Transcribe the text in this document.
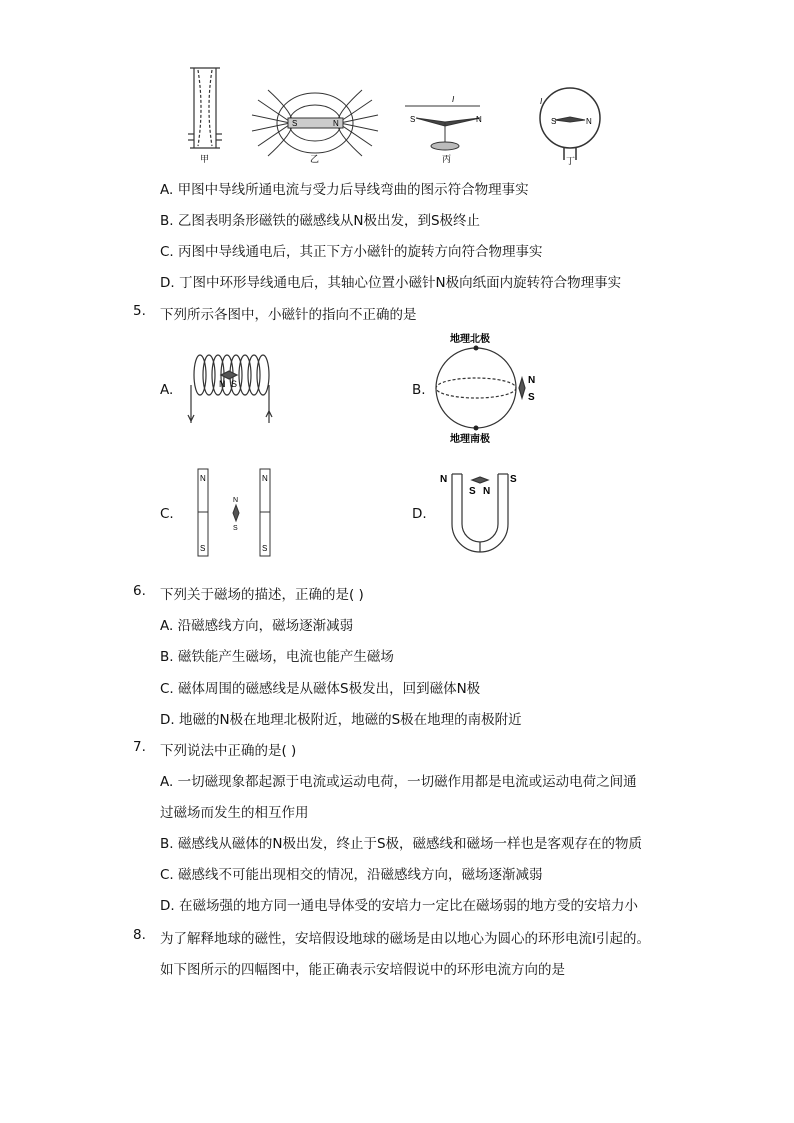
甲
S	N
乙
I
S	N
丙
I
S	N
丁
A. 甲图中导线所通电流与受力后导线弯曲的图示符合物理事实
B. 乙图表明条形磁铁的磁感线从N极出发，到S极终止
C. 丙图中导线通电后，其正下方小磁针的旋转方向符合物理事实
D. 丁图中环形导线通电后，其轴心位置小磁针N极向纸面内旋转符合物理事实
5. 下列所示各图中，小磁针的指向不正确的是
A.	N S	B.
地理北极
N
S
地理南极
C.
N
S
N
S
N
S
D.
N	S
S N
6. 下列关于磁场的描述，正确的是( )
A. 沿磁感线方向，磁场逐渐减弱
B. 磁铁能产生磁场，电流也能产生磁场
C. 磁体周围的磁感线是从磁体S极发出，回到磁体N极
D. 地磁的N极在地理北极附近，地磁的S极在地理的南极附近
7. 下列说法中正确的是( )
A. 一切磁现象都起源于电流或运动电荷，一切磁作用都是电流或运动电荷之间通
过磁场而发生的相互作用
B. 磁感线从磁体的N极出发，终止于S极，磁感线和磁场一样也是客观存在的物质
C. 磁感线不可能出现相交的情况，沿磁感线方向，磁场逐渐减弱
D. 在磁场强的地方同一通电导体受的安培力一定比在磁场弱的地方受的安培力小
8. 为了解释地球的磁性，安培假设地球的磁场是由以地心为圆心的环形电流I引起的。
如下图所示的四幅图中，能正确表示安培假说中的环形电流方向的是
